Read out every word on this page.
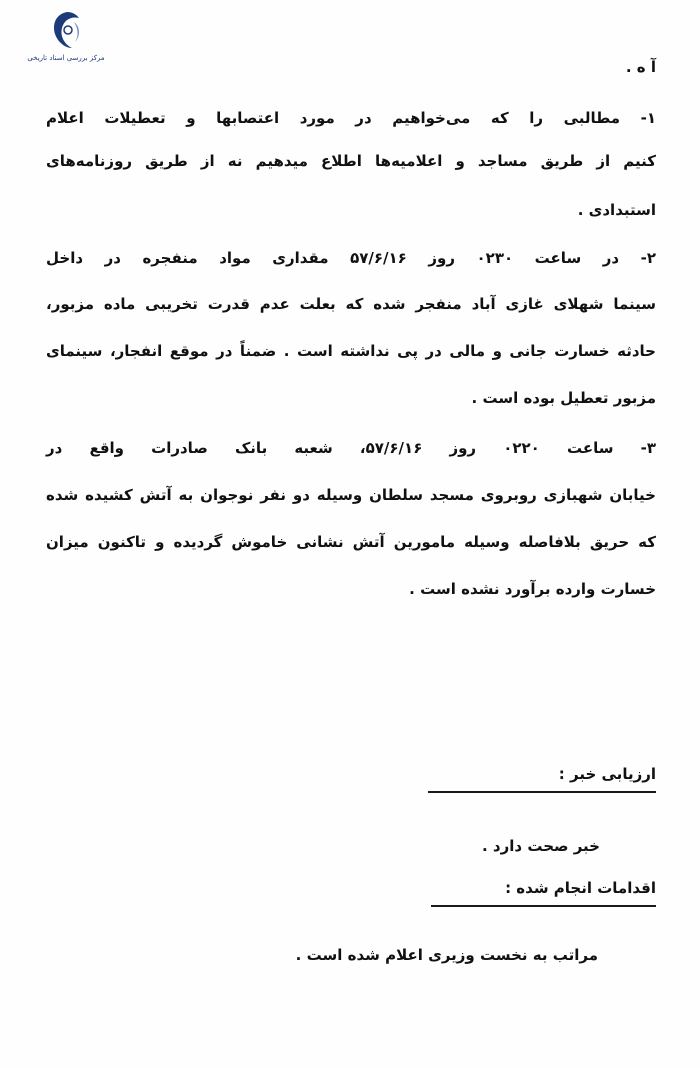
مرکز بررسی اسناد تاریخی	آ ه .
۱- مطالبی را که می‌خواهیم در مورد اعتصابها و تعطیلات اعلام
کنیم از طریق مساجد و اعلامیه‌ها اطلاع میدهیم نه از طریق روزنامه‌های
استبدادی .
۲- در ساعت ۰۲۳۰ روز ۵۷/۶/۱۶ مقداری مواد منفجره در داخل
سینما شهلای غازی آباد منفجر شده که بعلت عدم قدرت تخریبی ماده مزبور،
حادثه خسارت جانی و مالی در پی نداشته است . ضمناً در موقع انفجار، سینمای
مزبور تعطیل بوده است .
۳- ساعت ۰۲۲۰ روز ۵۷/۶/۱۶، شعبه بانک صادرات واقع در
خیابان شهبازی روبروی مسجد سلطان وسیله دو نفر نوجوان به آتش کشیده شده
که حریق بلافاصله وسیله مامورین آتش نشانی خاموش گردیده و تاکنون میزان
خسارت وارده برآورد نشده است .
ارزیابی خبر :
خبر صحت دارد .
اقدامات انجام شده :
مراتب به نخست وزیری اعلام شده است .
